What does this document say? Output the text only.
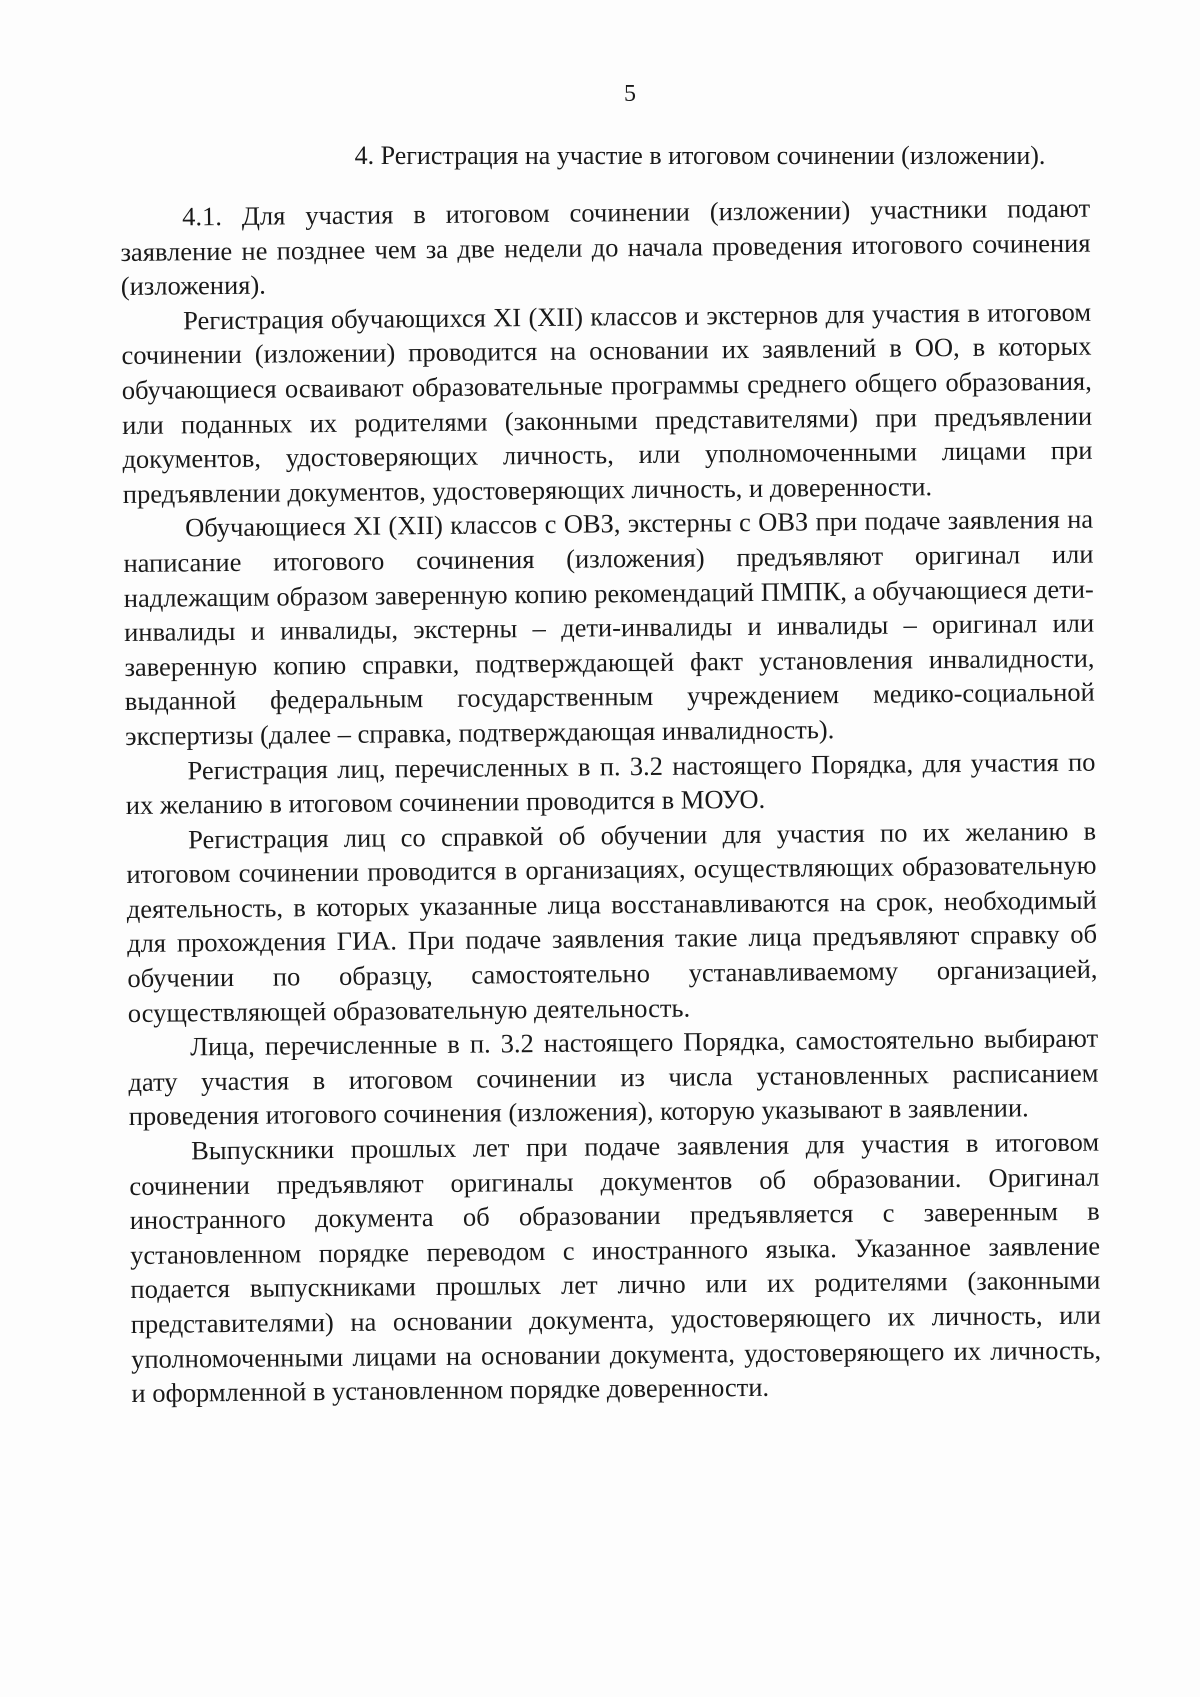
5
4. Регистрация на участие в итоговом сочинении (изложении).

4.1. Для участия в итоговом сочинении (изложении) участники подают заявление не позднее чем за две недели до начала проведения итогового сочинения (изложения).

Регистрация обучающихся XI (XII) классов и экстернов для участия в итоговом сочинении (изложении) проводится на основании их заявлений в ОО, в которых обучающиеся осваивают образовательные программы среднего общего образования, или поданных их родителями (законными представителями) при предъявлении документов, удостоверяющих личность, или уполномоченными лицами при предъявлении документов, удостоверяющих личность, и доверенности.

Обучающиеся XI (XII) классов с ОВЗ, экстерны с ОВЗ при подаче заявления на написание итогового сочинения (изложения) предъявляют оригинал или надлежащим образом заверенную копию рекомендаций ПМПК, а обучающиеся дети-инвалиды и инвалиды, экстерны – дети-инвалиды и инвалиды – оригинал или заверенную копию справки, подтверждающей факт установления инвалидности, выданной федеральным государственным учреждением медико-социальной экспертизы (далее – справка, подтверждающая инвалидность).

Регистрация лиц, перечисленных в п. 3.2 настоящего Порядка, для участия по их желанию в итоговом сочинении проводится в МОУО.

Регистрация лиц со справкой об обучении для участия по их желанию в итоговом сочинении проводится в организациях, осуществляющих образовательную деятельность, в которых указанные лица восстанавливаются на срок, необходимый для прохождения ГИА. При подаче заявления такие лица предъявляют справку об обучении по образцу, самостоятельно устанавливаемому организацией, осуществляющей образовательную деятельность.

Лица, перечисленные в п. 3.2 настоящего Порядка, самостоятельно выбирают дату участия в итоговом сочинении из числа установленных расписанием проведения итогового сочинения (изложения), которую указывают в заявлении.

Выпускники прошлых лет при подаче заявления для участия в итоговом сочинении предъявляют оригиналы документов об образовании. Оригинал иностранного документа об образовании предъявляется с заверенным в установленном порядке переводом с иностранного языка. Указанное заявление подается выпускниками прошлых лет лично или их родителями (законными представителями) на основании документа, удостоверяющего их личность, или уполномоченными лицами на основании документа, удостоверяющего их личность, и оформленной в установленном порядке доверенности.
